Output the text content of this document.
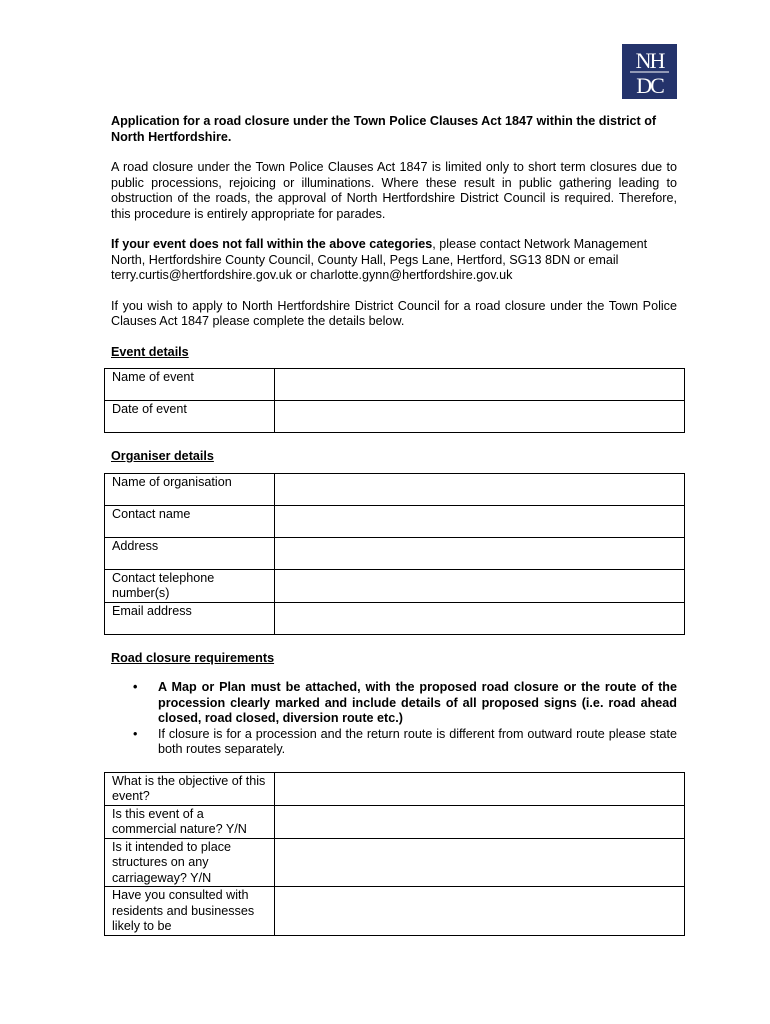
NH
DC

Application for a road closure under the Town Police Clauses Act 1847 within the district of North Hertfordshire.

A road closure under the Town Police Clauses Act 1847 is limited only to short term closures due to public processions, rejoicing or illuminations. Where these result in public gathering leading to obstruction of the roads, the approval of North Hertfordshire District Council is required. Therefore, this procedure is entirely appropriate for parades.

If your event does not fall within the above categories, please contact Network Management North, Hertfordshire County Council, County Hall, Pegs Lane, Hertford, SG13 8DN or email terry.curtis@hertfordshire.gov.uk or charlotte.gynn@hertfordshire.gov.uk

If you wish to apply to North Hertfordshire District Council for a road closure under the Town Police Clauses Act 1847 please complete the details below.

Event details
Name of event	
Date of event	
Organiser details
Name of organisation	
Contact name	
Address	
Contact telephone number(s)	
Email address	
Road closure requirements
• A Map or Plan must be attached, with the proposed road closure or the route of the procession clearly marked and include details of all proposed signs (i.e. road ahead closed, road closed, diversion route etc.)
• If closure is for a procession and the return route is different from outward route please state both routes separately.
What is the objective of this event?	
Is this event of a commercial nature? Y/N	
Is it intended to place structures on any carriageway? Y/N	
Have you consulted with residents and businesses likely to be	
